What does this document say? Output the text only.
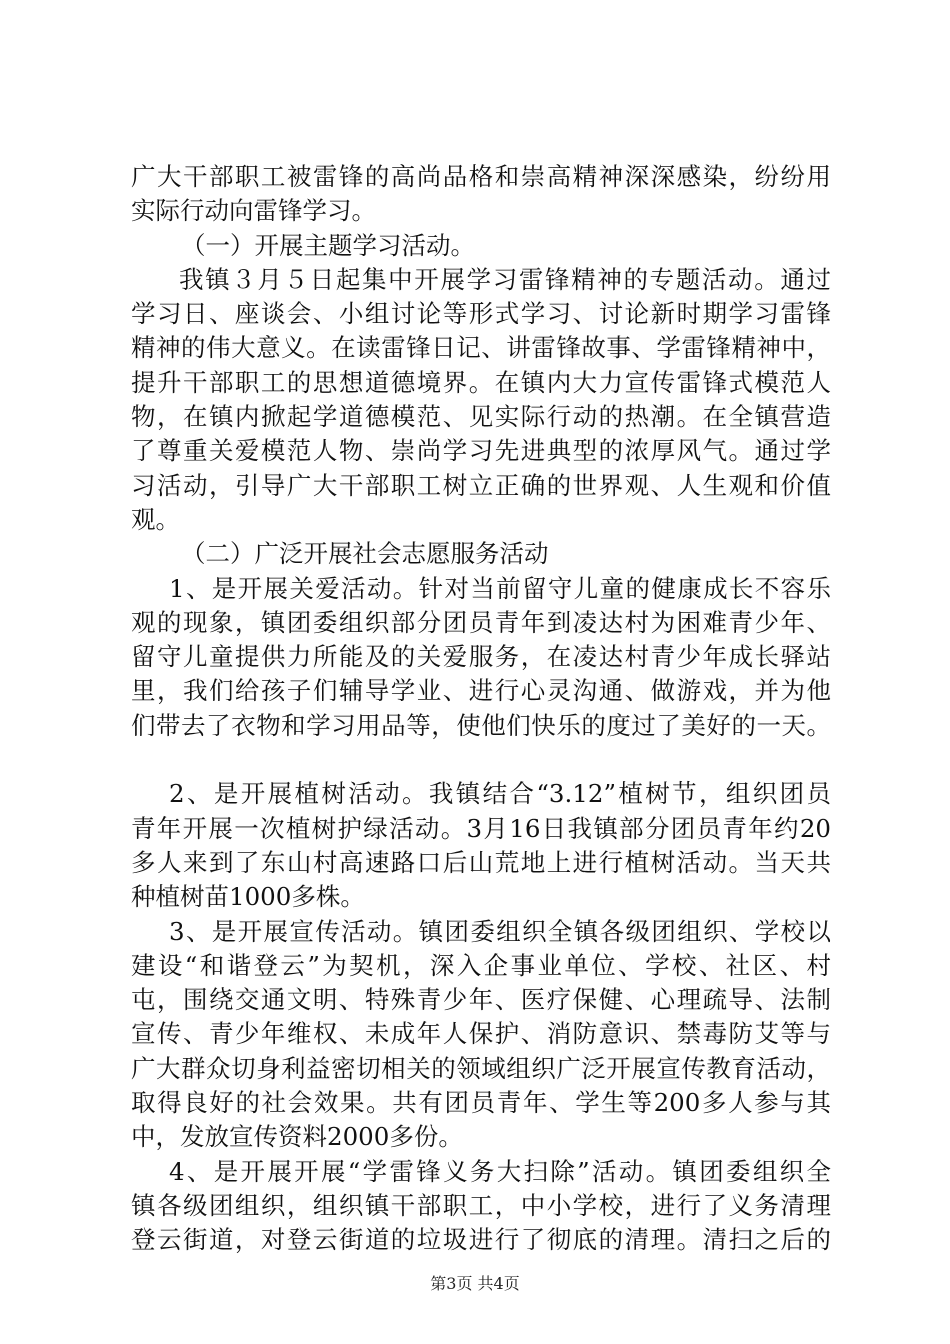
广大干部职工被雷锋的高尚品格和崇高精神深深感染，纷纷用
实际行动向雷锋学习。
（一）开展主题学习活动。
我镇３月５日起集中开展学习雷锋精神的专题活动。通过
学习日、座谈会、小组讨论等形式学习、讨论新时期学习雷锋
精神的伟大意义。在读雷锋日记、讲雷锋故事、学雷锋精神中，
提升干部职工的思想道德境界。在镇内大力宣传雷锋式模范人
物，在镇内掀起学道德模范、见实际行动的热潮。在全镇营造
了尊重关爱模范人物、崇尚学习先进典型的浓厚风气。通过学
习活动，引导广大干部职工树立正确的世界观、人生观和价值
观。
（二）广泛开展社会志愿服务活动
1、是开展关爱活动。针对当前留守儿童的健康成长不容乐
观的现象，镇团委组织部分团员青年到凌达村为困难青少年、
留守儿童提供力所能及的关爱服务，在凌达村青少年成长驿站
里，我们给孩子们辅导学业、进行心灵沟通、做游戏，并为他
们带去了衣物和学习用品等，使他们快乐的度过了美好的一天。
2、是开展植树活动。我镇结合“3.12”植树节，组织团员
青年开展一次植树护绿活动。3月16日我镇部分团员青年约20
多人来到了东山村高速路口后山荒地上进行植树活动。当天共
种植树苗1000多株。
3、是开展宣传活动。镇团委组织全镇各级团组织、学校以
建设“和谐登云”为契机，深入企事业单位、学校、社区、村
屯，围绕交通文明、特殊青少年、医疗保健、心理疏导、法制
宣传、青少年维权、未成年人保护、消防意识、禁毒防艾等与
广大群众切身利益密切相关的领域组织广泛开展宣传教育活动，
取得良好的社会效果。共有团员青年、学生等200多人参与其
中，发放宣传资料2000多份。
4、是开展开展“学雷锋义务大扫除”活动。镇团委组织全
镇各级团组织，组织镇干部职工，中小学校，进行了义务清理
登云街道，对登云街道的垃圾进行了彻底的清理。清扫之后的
第3页 共4页
